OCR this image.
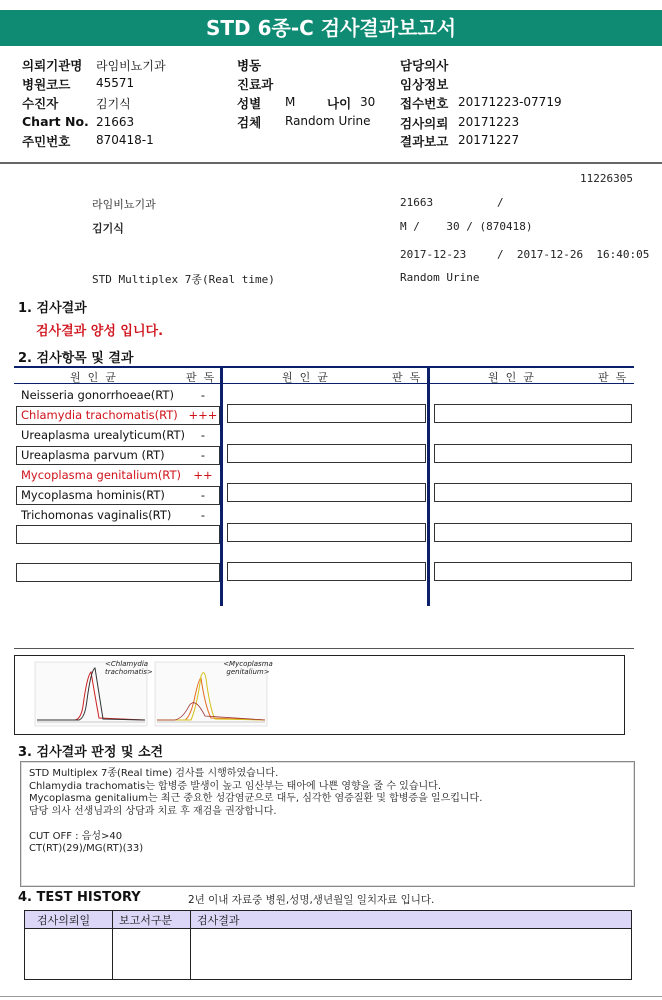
STD 6종-C 검사결과보고서
의뢰기관명 라임비뇨기과
병원코드 45571
수진자	김기식
Chart No. 21663
주민번호 870418-1
병동
진료과
성별 M	나이 30
검체 Random Urine
담당의사
임상정보
접수번호 20171223-07719
검사의뢰 20171223
결과보고 20171227
11226305
라임비뇨기과	21663	/
김기식	M /    30 / (870418)
2017-12-23	/  2017-12-26  16:40:05
STD Multiplex 7종(Real time)	Random Urine
1. 검사결과
검사결과 양성 입니다.
2. 검사항목 및 결과
원  인  균	판  독	원  인  균	판  독	원  인  균	판  독
Neisseria gonorrhoeae(RT)	-
Chlamydia trachomatis(RT) +++
Ureaplasma urealyticum(RT)	-
Ureaplasma parvum (RT)	-
Mycoplasma genitalium(RT)	++
Mycoplasma hominis(RT)	-
Trichomonas vaginalis(RT)	-
<Chlamydia trachomatis>
<Mycoplasma genitalium>
3. 검사결과 판정 및 소견
STD Multiplex 7종(Real time) 검사를 시행하였습니다.
Chlamydia trachomatis는 합병증 발생이 높고 임산부는 태아에 나쁜 영향을 줄 수 있습니다.
Mycoplasma genitalium는 최근 중요한 성감염균으로 대두, 심각한 염증질환 및 합병증을 일으킵니다.
담당 의사 선생님과의 상담과 치료 후 재검을 권장합니다.
CUT OFF : 음성>40
CT(RT)(29)/MG(RT)(33)
4. TEST HISTORY	2년 이내 자료중 병원,성명,생년월일 일치자료 입니다.
검사의뢰일	보고서구분	검사결과
